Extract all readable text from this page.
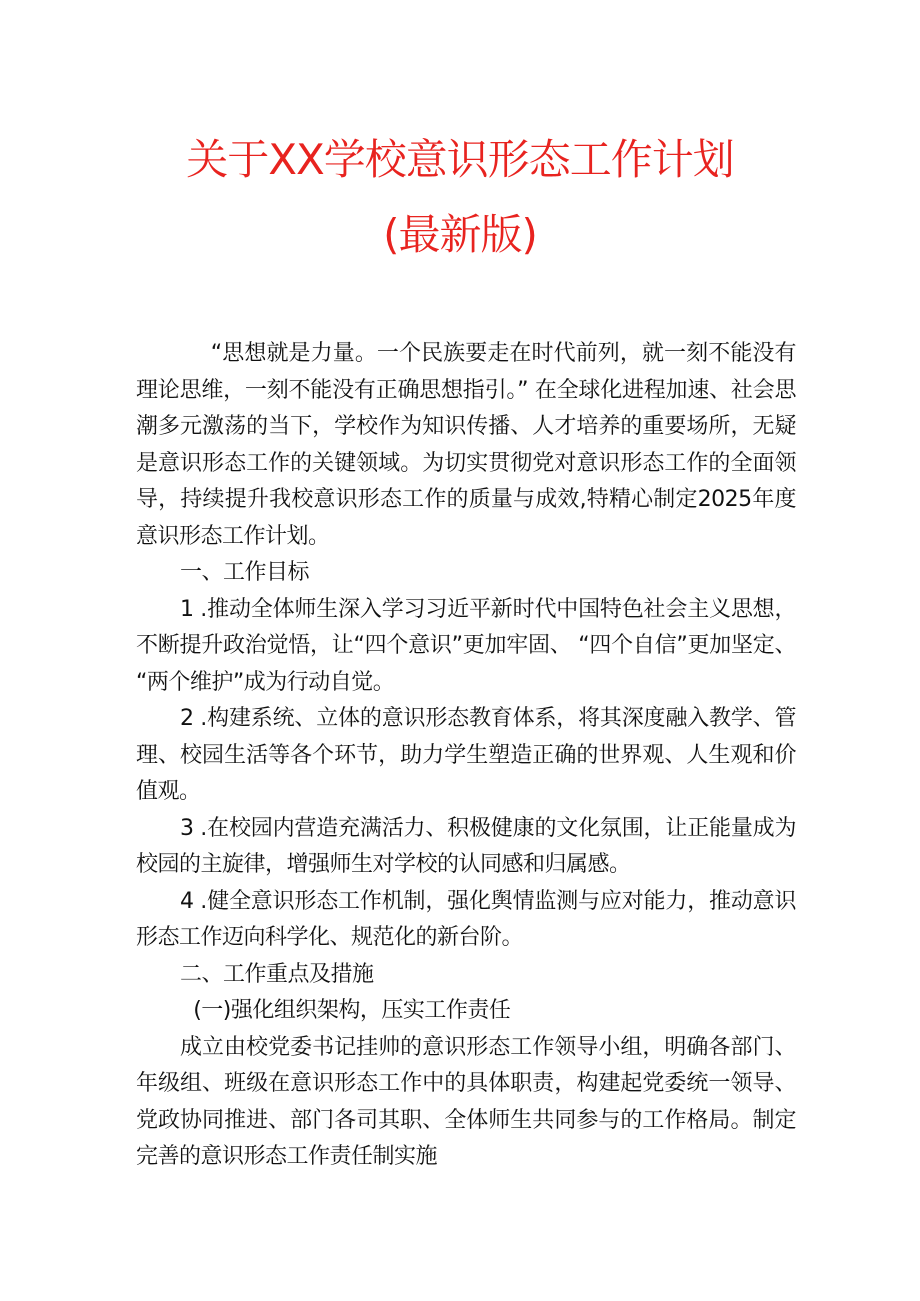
关于XX学校意识形态工作计划
(最新版)

“思想就是力量。一个民族要走在时代前列，就一刻不能没有理论思维，一刻不能没有正确思想指引。” 在全球化进程加速、社会思潮多元激荡的当下，学校作为知识传播、人才培养的重要场所，无疑是意识形态工作的关键领域。为切实贯彻党对意识形态工作的全面领导，持续提升我校意识形态工作的质量与成效,特精心制定2025年度意识形态工作计划。

一、工作目标

1 .推动全体师生深入学习习近平新时代中国特色社会主义思想，不断提升政治觉悟，让“四个意识”更加牢固、 “四个自信”更加坚定、 “两个维护”成为行动自觉。

2 .构建系统、立体的意识形态教育体系，将其深度融入教学、管理、校园生活等各个环节，助力学生塑造正确的世界观、人生观和价值观。

3 .在校园内营造充满活力、积极健康的文化氛围，让正能量成为校园的主旋律，增强师生对学校的认同感和归属感。

4 .健全意识形态工作机制，强化舆情监测与应对能力，推动意识形态工作迈向科学化、规范化的新台阶。

二、工作重点及措施

(一)强化组织架构，压实工作责任

成立由校党委书记挂帅的意识形态工作领导小组，明确各部门、年级组、班级在意识形态工作中的具体职责，构建起党委统一领导、党政协同推进、部门各司其职、全体师生共同参与的工作格局。制定完善的意识形态工作责任制实施
